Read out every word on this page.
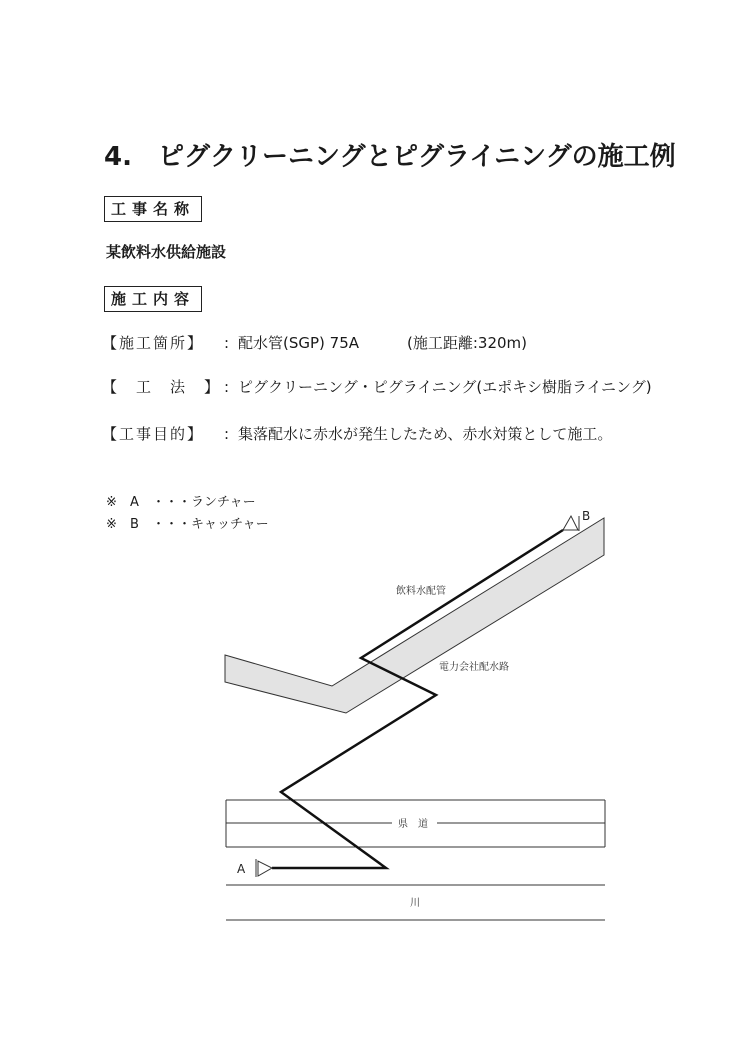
4. ピグクリーニングとピグライニングの施工例
工事名称
某飲料水供給施設
施工内容
【施工箇所】 : 配水管(SGP) 75A	(施工距離:320m)
【　工　法　】 : ピグクリーニング・ピグライニング(エポキシ樹脂ライニング)
【工事目的】 : 集落配水に赤水が発生したため、赤水対策として施工。
※ A ・・・ランチャー
※ B ・・・キャッチャー
飲料水配管
電力会社配水路
県　道
川
A
B
